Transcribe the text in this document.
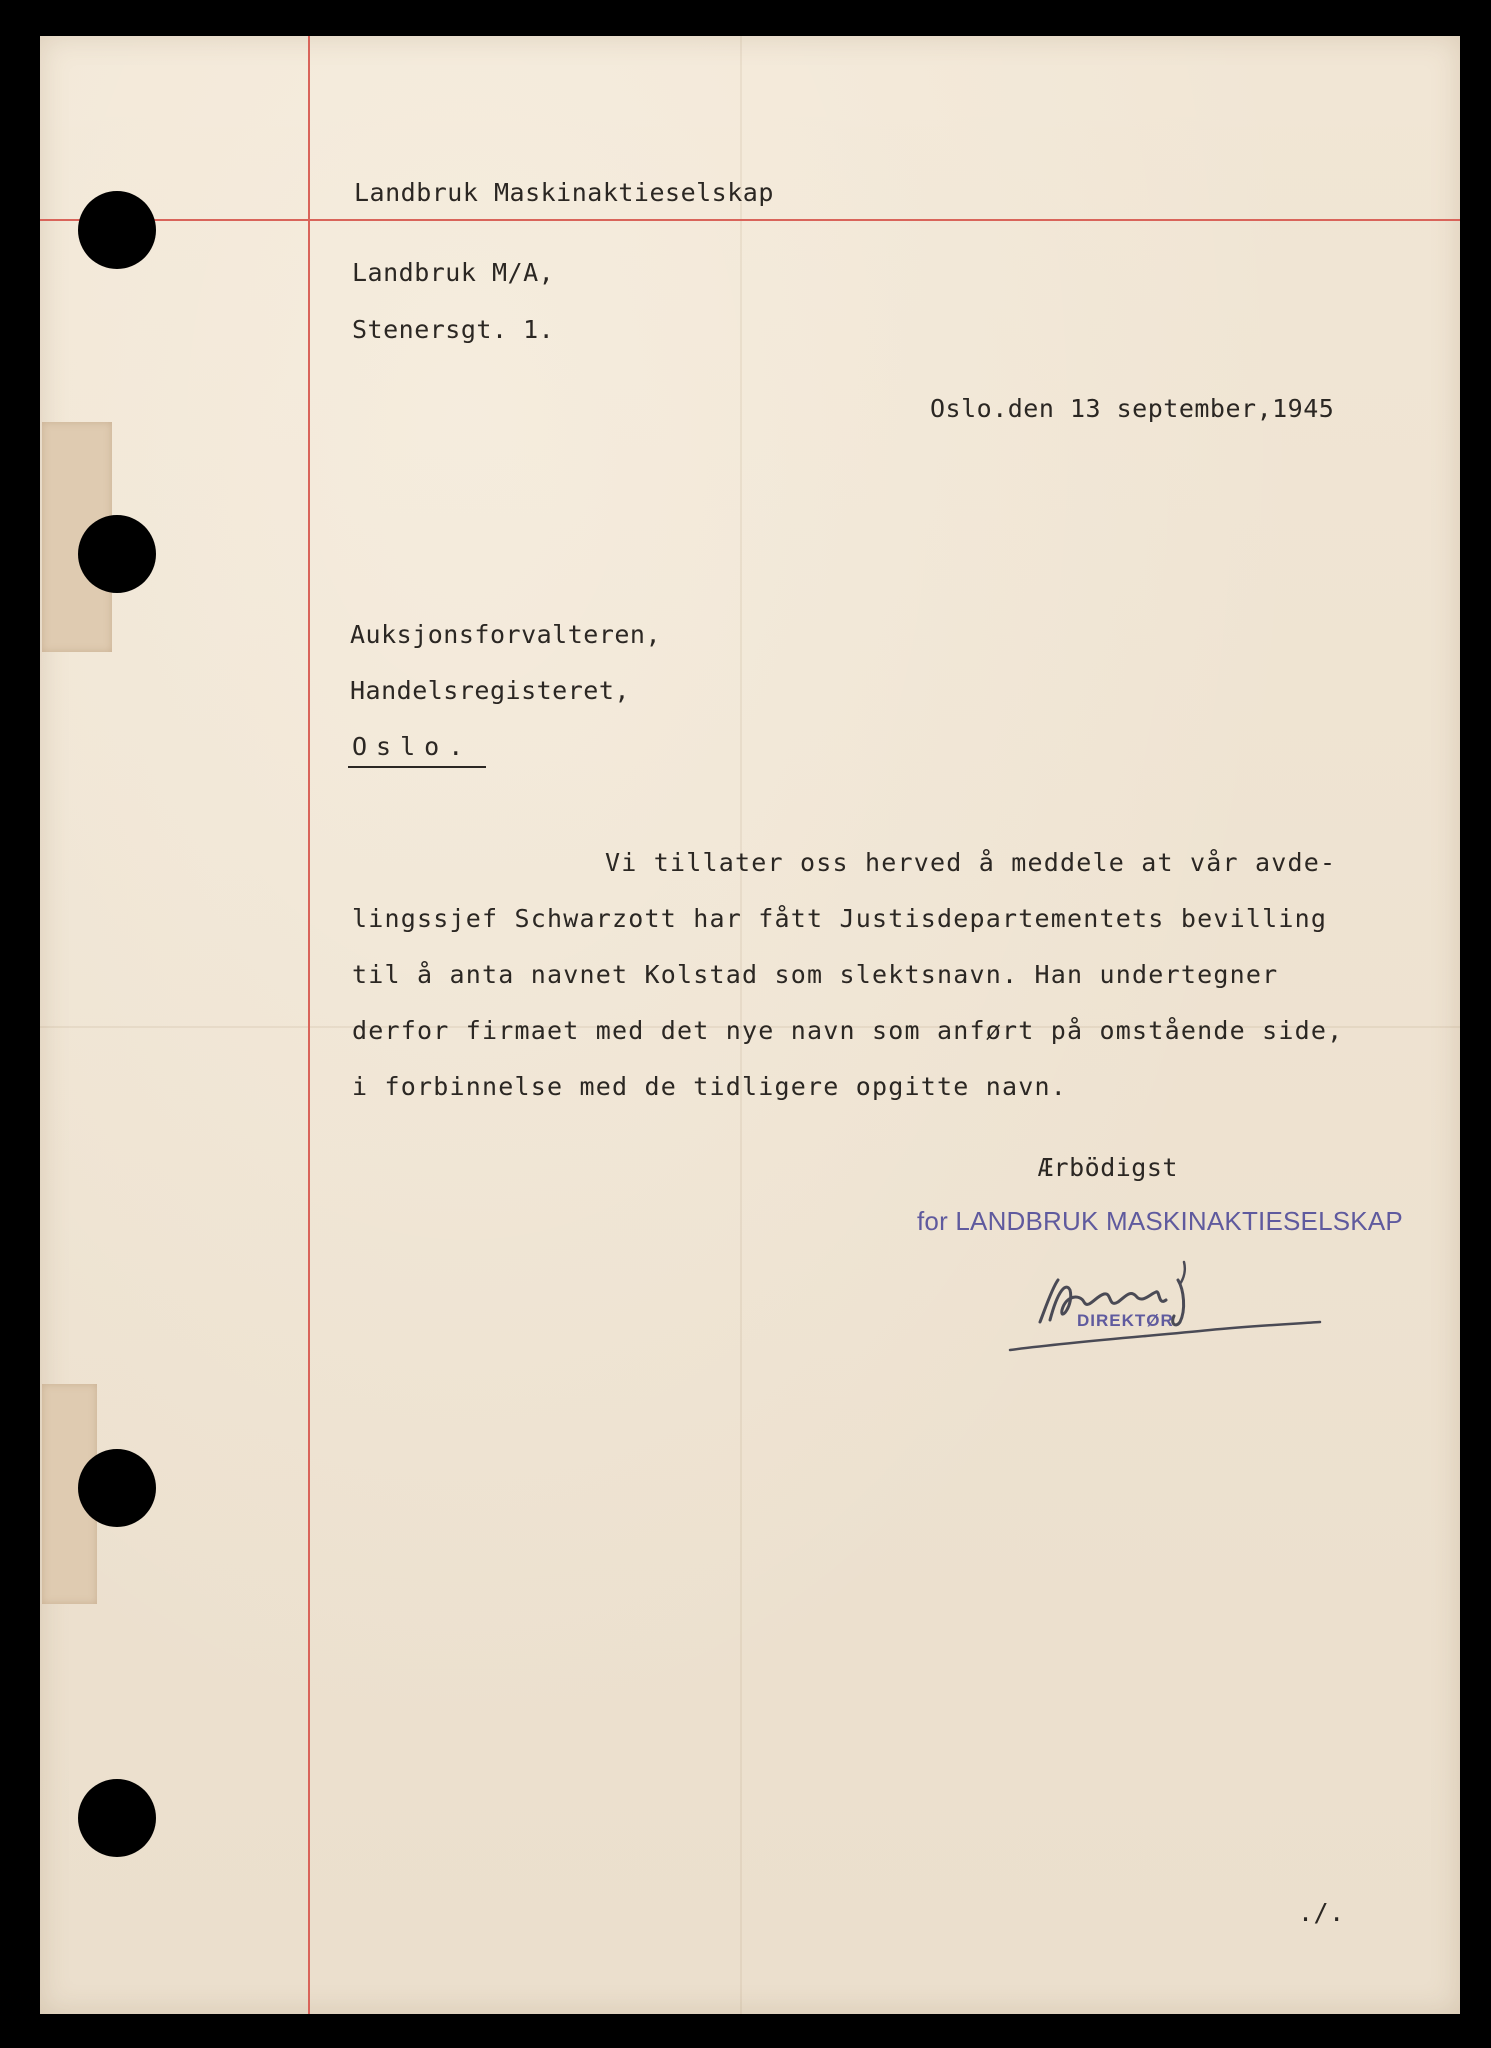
Landbruk Maskinaktieselskap
Landbruk M/A,
Stenersgt. 1.
Oslo.den 13 september,1945
Auksjonsforvalteren,
Handelsregisteret,
Oslo.
Vi tillater oss herved å meddele at vår avde-
lingssjef Schwarzott har fått Justisdepartementets bevilling
til å anta navnet Kolstad som slektsnavn. Han undertegner
derfor firmaet med det nye navn som anført på omstående side,
i forbinnelse med de tidligere opgitte navn.
Ærbödigst
for LANDBRUK MASKINAKTIESELSKAP
DIREKTØR
./.
